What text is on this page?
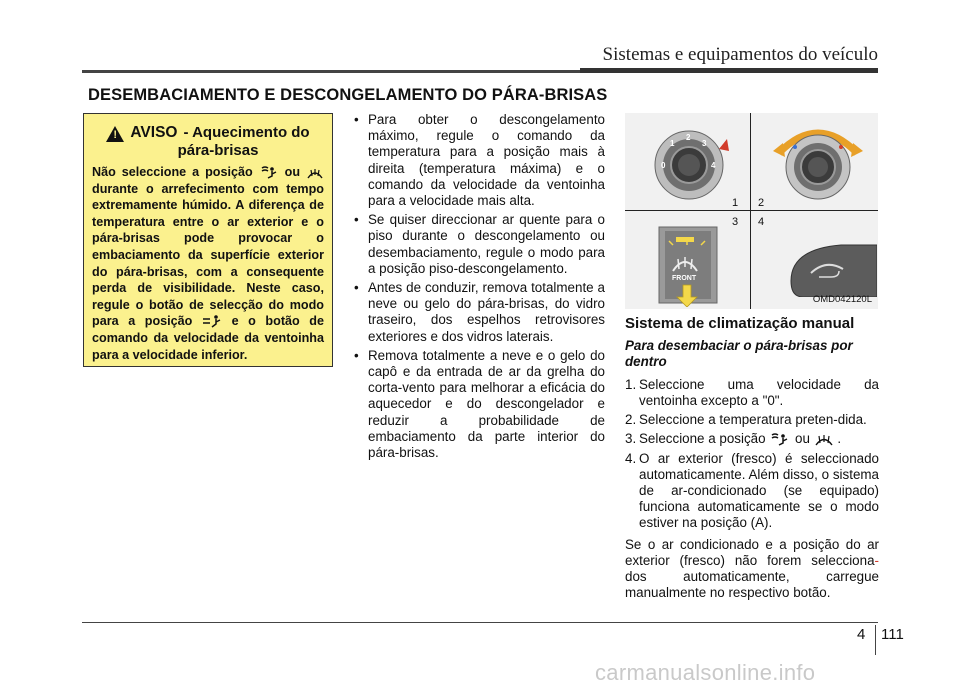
Sistemas e equipamentos do veículo
DESEMBACIAMENTO E DESCONGELAMENTO DO PÁRA-BRISAS
! AVISO - Aquecimento do
pára-brisas
Não seleccione a posição	ou  durante o arrefecimento com tempo extremamente húmido. A diferença de temperatura entre o ar exterior e o pára-brisas pode provocar o embaciamento da superfície exterior do pára-brisas, com a consequente perda de visibilidade. Neste caso, regule o botão de selecção do modo para a posição	e o botão de comando da velocidade da ventoinha para a velocidade inferior.
• Para obter o descongelamento máximo, regule o comando da temperatura para a posição mais à direita (temperatura máxima) e o comando da velocidade da ventoinha para a velocidade mais alta.
• Se quiser direccionar ar quente para o piso durante o descongelamento ou desembaciamento, regule o modo para a posição piso-descongelamento.
• Antes de conduzir, remova totalmente a neve ou gelo do pára-brisas, do vidro traseiro, dos espelhos retrovisores exteriores e dos vidros laterais.
• Remova totalmente a neve e o gelo do capô e da entrada de ar da grelha do corta-vento para melhorar a eficácia do aquecedor e do descongelador e reduzir a probabilidade de embaciamento da parte interior do pára-brisas.
0
1
2
3
4
1 2
3 4
FRONT
OMD042120L
Sistema de climatização manual
Para desembaciar o pára-brisas por dentro
1. Seleccione uma velocidade da ventoinha excepto a "0".
2. Seleccione a temperatura preten-dida.
3. Seleccione a posição ou .
4. O ar exterior (fresco) é seleccionado automaticamente. Além disso, o sistema de ar-condicionado (se equipado) funciona automaticamente se o modo estiver na posição (A).
Se o ar condicionado e a posição do ar exterior (fresco) não forem selecciona- dos automaticamente, carregue manualmente no respectivo botão.
4 111
carmanualsonline.info
